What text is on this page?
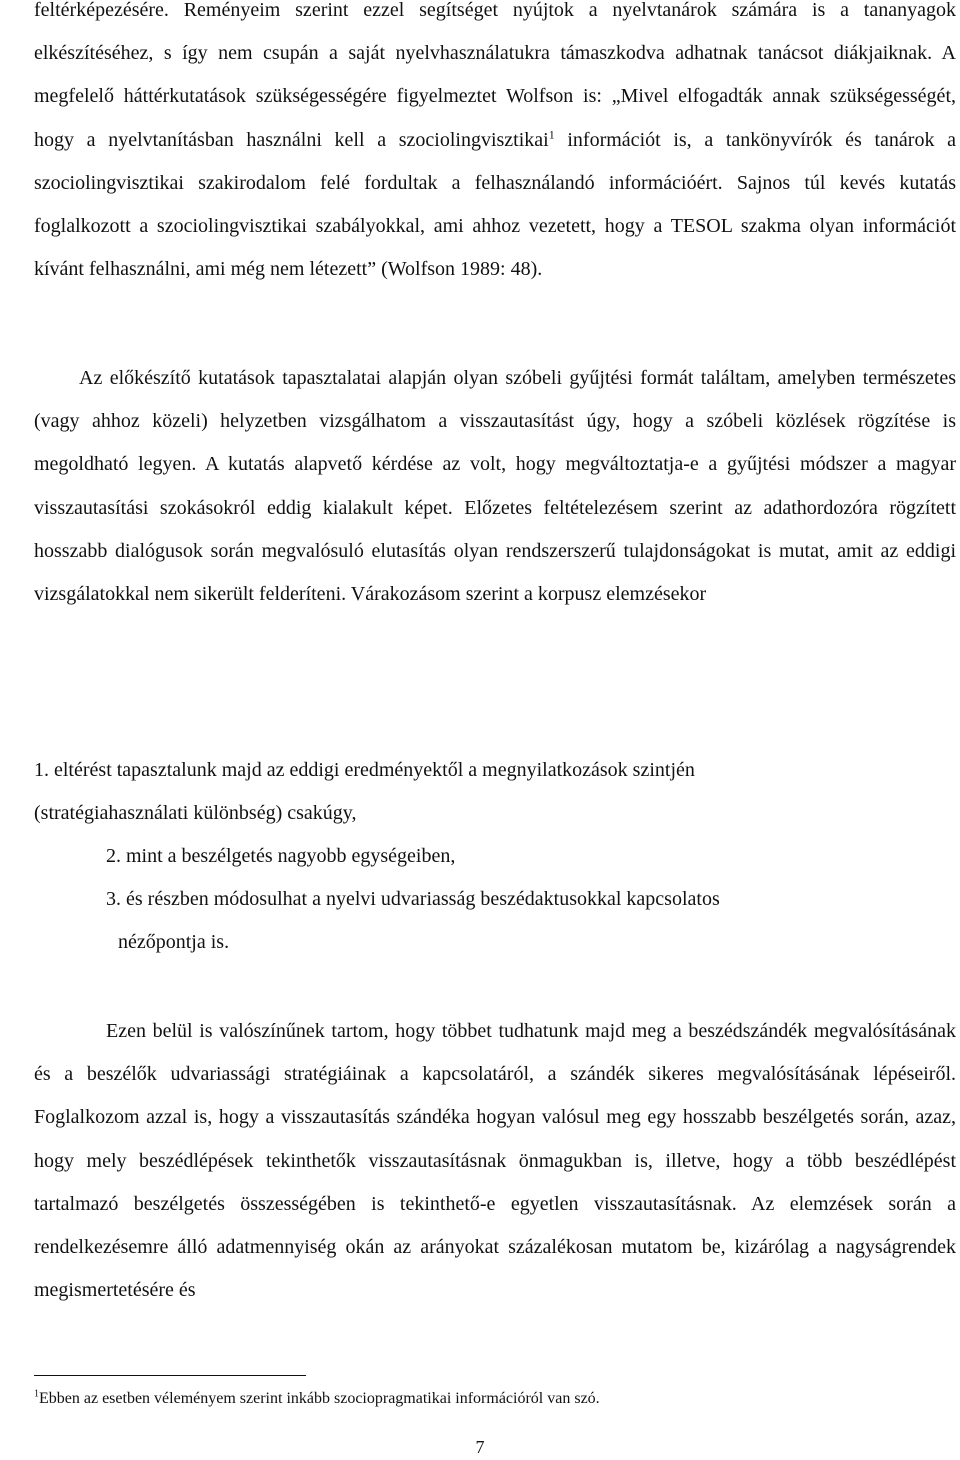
feltérképezésére. Reményeim szerint ezzel segítséget nyújtok a nyelvtanárok számára is a tananyagok elkészítéséhez, s így nem csupán a saját nyelvhasználatukra támaszkodva adhatnak tanácsot diákjaiknak. A megfelelő háttérkutatások szükségességére figyelmeztet Wolfson is: „Mivel elfogadták annak szükségességét, hogy a nyelvtanításban használni kell a szociolingvisztikai$^1$ információt is, a tankönyvírók és tanárok a szociolingvisztikai szakirodalom felé fordultak a felhasználandó információért. Sajnos túl kevés kutatás foglalkozott a szociolingvisztikai szabályokkal, ami ahhoz vezetett, hogy a TESOL szakma olyan információt kívánt felhasználni, ami még nem létezett” (Wolfson 1989: 48).

Az előkészítő kutatások tapasztalatai alapján olyan szóbeli gyűjtési formát találtam, amelyben természetes (vagy ahhoz közeli) helyzetben vizsgálhatom a visszautasítást úgy, hogy a szóbeli közlések rögzítése is megoldható legyen. A kutatás alapvető kérdése az volt, hogy megváltoztatja-e a gyűjtési módszer a magyar visszautasítási szokásokról eddig kialakult képet. Előzetes feltételezésem szerint az adathordozóra rögzített hosszabb dialógusok során megvalósuló elutasítás olyan rendszerszerű tulajdonságokat is mutat, amit az eddigi vizsgálatokkal nem sikerült felderíteni. Várakozásom szerint a korpusz elemzésekor

1. eltérést tapasztalunk majd az eddigi eredményektől a megnyilatkozások szintjén

(stratégiahasználati különbség) csakúgy,

2. mint a beszélgetés nagyobb egységeiben,

3. és részben módosulhat a nyelvi udvariasság beszédaktusokkal kapcsolatos

nézőpontja is.

Ezen belül is valószínűnek tartom, hogy többet tudhatunk majd meg a beszédszándék megvalósításának és a beszélők udvariassági stratégiáinak a kapcsolatáról, a szándék sikeres megvalósításának lépéseiről. Foglalkozom azzal is, hogy a visszautasítás szándéka hogyan valósul meg egy hosszabb beszélgetés során, azaz, hogy mely beszédlépések tekinthetők visszautasításnak önmagukban is, illetve, hogy a több beszédlépést tartalmazó beszélgetés összességében is tekinthető-e egyetlen visszautasításnak. Az elemzések során a rendelkezésemre álló adatmennyiség okán az arányokat százalékosan mutatom be, kizárólag a nagyságrendek megismertetésére és

$^1$Ebben az esetben véleményem szerint inkább szociopragmatikai információról van szó.

7
